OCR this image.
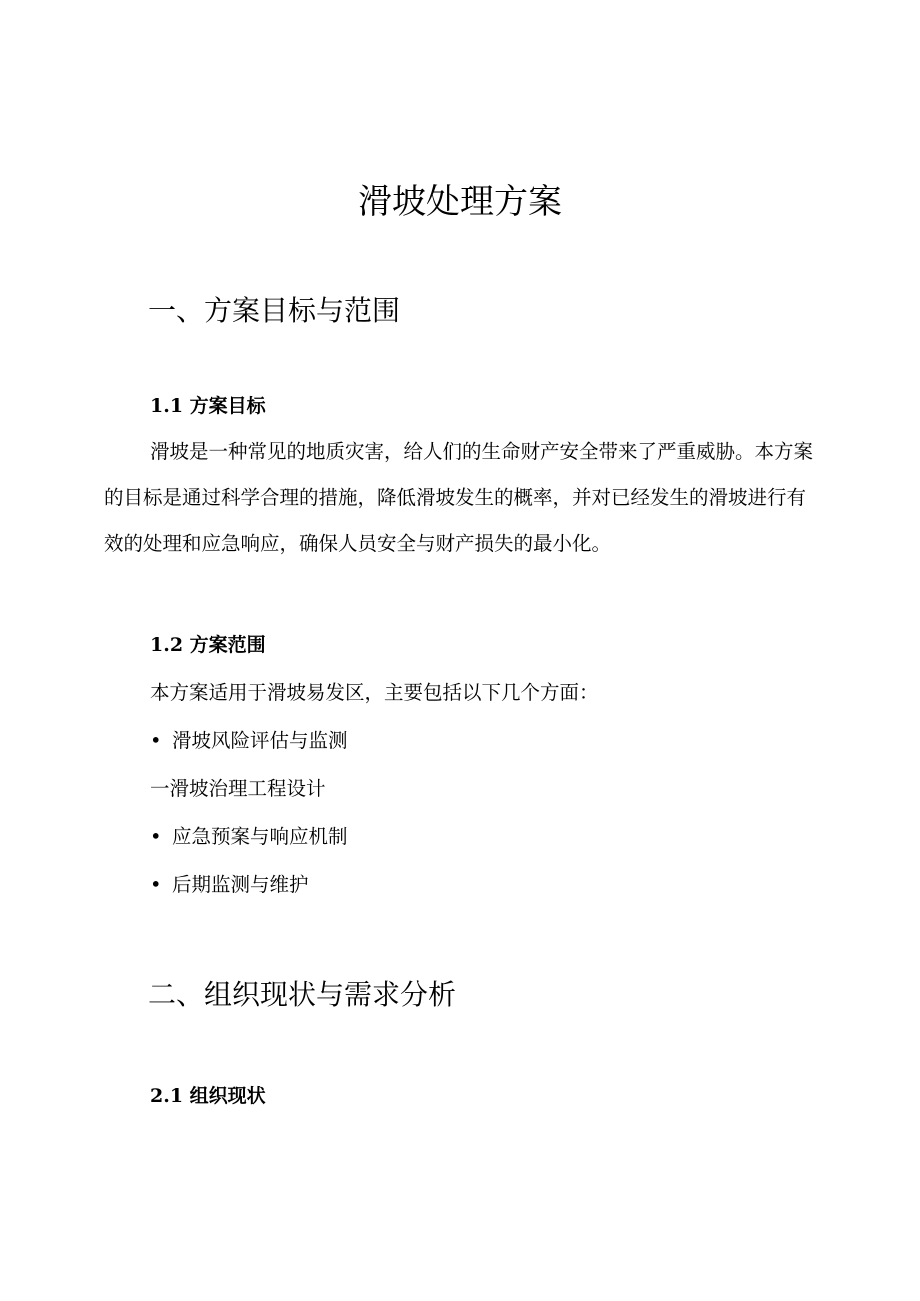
滑坡处理方案
一、方案目标与范围
1.1 方案目标

滑坡是一种常见的地质灾害，给人们的生命财产安全带来了严重威胁。本方案的目标是通过科学合理的措施，降低滑坡发生的概率，并对已经发生的滑坡进行有效的处理和应急响应，确保人员安全与财产损失的最小化。

1.2 方案范围

本方案适用于滑坡易发区，主要包括以下几个方面：

• 滑坡风险评估与监测
一滑坡治理工程设计
• 应急预案与响应机制
• 后期监测与维护
二、组织现状与需求分析
2.1 组织现状
